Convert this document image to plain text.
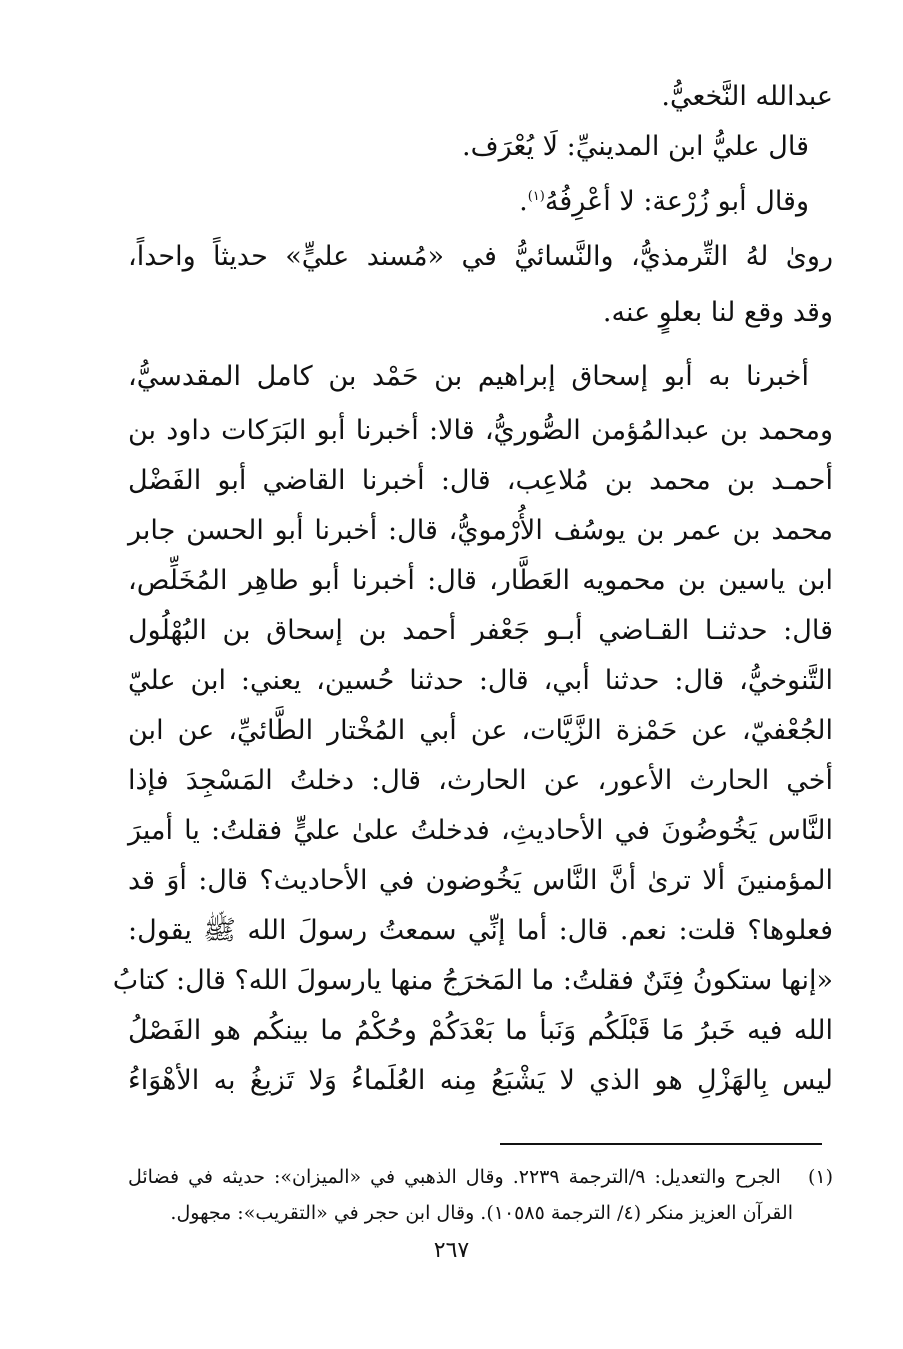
عبدالله النَّخعيُّ.
قال عليُّ ابن المدينيِّ: لَا يُعْرَف.
وقال أبو زُرْعة: لا أعْرِفُهُ$^{(١)}$.
روىٰ لهُ التِّرمذيُّ، والنَّسائيُّ في «مُسند عليٍّ» حديثاً واحداً،
وقد وقع لنا بعلوٍ عنه.
أخبرنا به أبو إسحاق إبراهيم بن حَمْد بن كامل المقدسيُّ،
ومحمد بن عبدالمُؤمن الصُّوريُّ، قالا: أخبرنا أبو البَرَكات داود بن
أحمـد بن محمد بن مُلاعِب، قال: أخبرنا القاضي أبو الفَضْل
محمد بن عمر بن يوسُف الأُرْمويُّ، قال: أخبرنا أبو الحسن جابر
ابن ياسين بن محمويه العَطَّار، قال: أخبرنا أبو طاهِر المُخَلِّص،
قال: حدثنـا القـاضي أبـو جَعْفر أحمد بن إسحاق بن البُهْلُول
التَّنوخيُّ، قال: حدثنا أبي، قال: حدثنا حُسين، يعني: ابن عليّ
الجُعْفيّ، عن حَمْزة الزَّيَّات، عن أبي المُخْتار الطَّائيِّ، عن ابن
أخي الحارث الأعور، عن الحارث، قال: دخلتُ المَسْجِدَ فإذا
النَّاس يَخُوضُونَ في الأحاديثِ، فدخلتُ علىٰ عليٍّ فقلتُ: يا أميرَ
المؤمنينَ ألا ترىٰ أنَّ النَّاس يَخُوضون في الأحاديث؟ قال: أوَ قد
فعلوها؟ قلت: نعم. قال: أما إنِّي سمعتُ رسولَ الله ﷺ يقول:
«إنها ستكونُ فِتَنٌ فقلتُ: ما المَخرَجُ منها يارسولَ الله؟ قال: كتابُ
الله فيه خَبرُ مَا قَبْلَكُم وَنَبأ ما بَعْدَكُمْ وحُكْمُ ما بينكُم هو الفَصْلُ
ليس بِالهَزْلِ هو الذي لا يَشْبَعُ مِنه العُلَماءُ وَلا تَزيغُ به الأهْوَاءُ
(١)   الجرح والتعديل: ٩/الترجمة ٢٢٣٩. وقال الذهبي في «الميزان»: حديثه في فضائل
القرآن العزيز منكر (٤/ الترجمة ١٠٥٨٥). وقال ابن حجر في «التقريب»: مجهول.
٢٦٧
